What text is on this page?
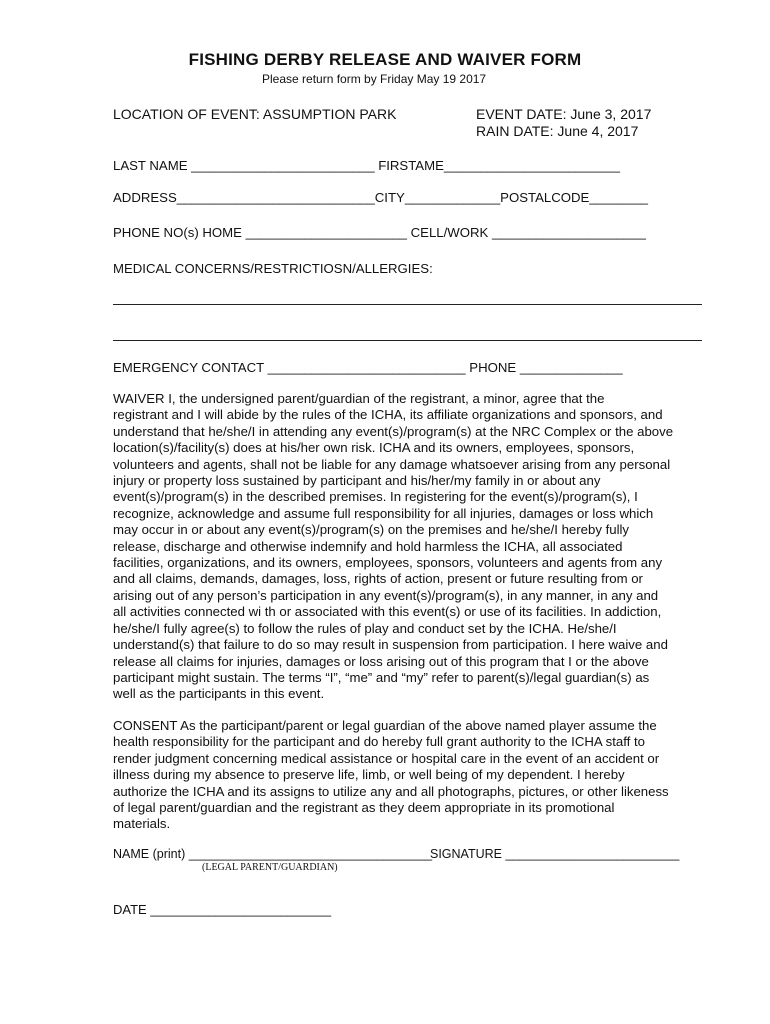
FISHING DERBY RELEASE AND WAIVER FORM
Please return form by Friday May 19 2017
LOCATION OF EVENT: ASSUMPTION PARK	EVENT DATE: June 3, 2017
RAIN DATE: June 4, 2017
LAST NAME _________________________ FIRSTAME________________________
ADDRESS___________________________CITY_____________POSTALCODE________
PHONE NO(s) HOME ______________________ CELL/WORK _____________________
MEDICAL CONCERNS/RESTRICTIOSN/ALLERGIES:
EMERGENCY CONTACT ___________________________ PHONE ______________
WAIVER I, the undersigned parent/guardian of the registrant, a minor, agree that the
registrant and I will abide by the rules of the ICHA, its affiliate organizations and sponsors, and
understand that he/she/I in attending any event(s)/program(s) at the NRC Complex or the above
location(s)/facility(s) does at his/her own risk. ICHA and its owners, employees, sponsors,
volunteers and agents, shall not be liable for any damage whatsoever arising from any personal
injury or property loss sustained by participant and his/her/my family in or about any
event(s)/program(s) in the described premises. In registering for the event(s)/program(s), I
recognize, acknowledge and assume full responsibility for all injuries, damages or loss which
may occur in or about any event(s)/program(s) on the premises and he/she/I hereby fully
release, discharge and otherwise indemnify and hold harmless the ICHA, all associated
facilities, organizations, and its owners, employees, sponsors, volunteers and agents from any
and all claims, demands, damages, loss, rights of action, present or future resulting from or
arising out of any person’s participation in any event(s)/program(s), in any manner, in any and
all activities connected wi th or associated with this event(s) or use of its facilities. In addiction,
he/she/I fully agree(s) to follow the rules of play and conduct set by the ICHA. He/she/I
understand(s) that failure to do so may result in suspension from participation. I here waive and
release all claims for injuries, damages or loss arising out of this program that I or the above
participant might sustain. The terms “I”, “me” and “my” refer to parent(s)/legal guardian(s) as
well as the participants in this event.
CONSENT As the participant/parent or legal guardian of the above named player assume the
health responsibility for the participant and do hereby full grant authority to the ICHA staff to
render judgment concerning medical assistance or hospital care in the event of an accident or
illness during my absence to preserve life, limb, or well being of my dependent. I hereby
authorize the ICHA and its assigns to utilize any and all photographs, pictures, or other likeness
of legal parent/guardian and the registrant as they deem appropriate in its promotional
materials.
NAME (print) ___________________________________
(LEGAL PARENT/GUARDIAN)
SIGNATURE _________________________
DATE _________________________
